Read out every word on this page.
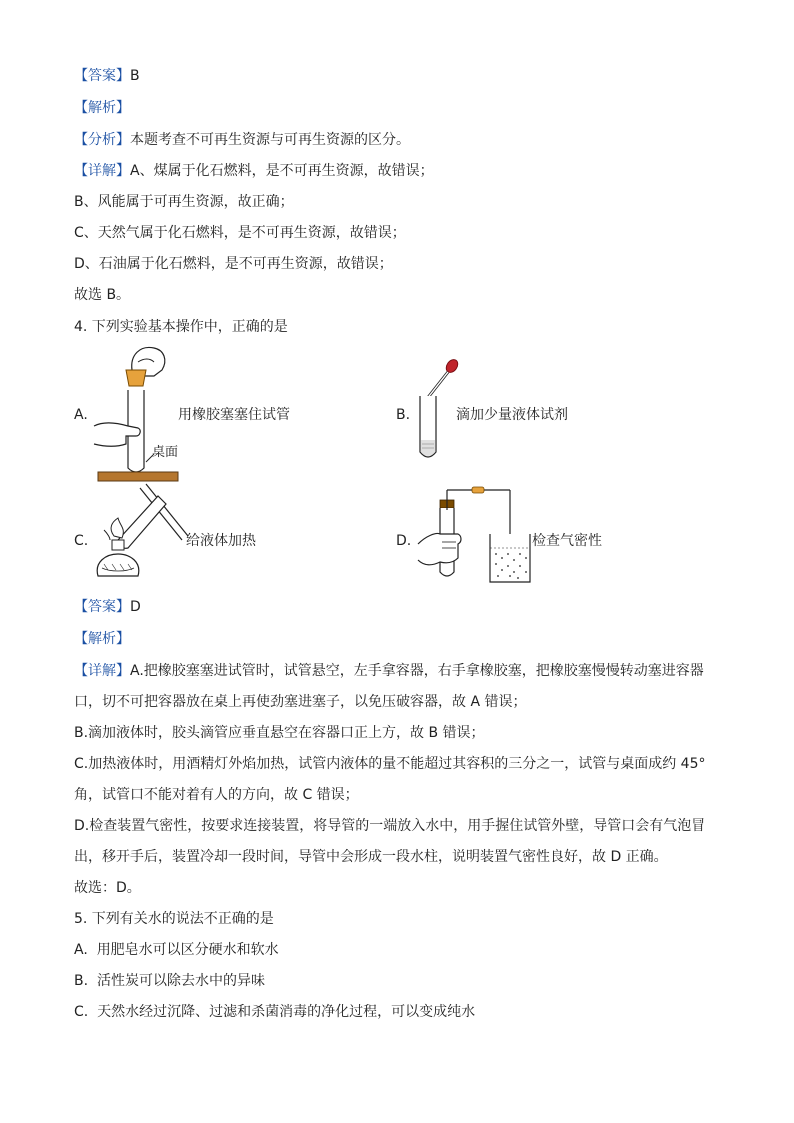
【答案】B
【解析】
【分析】本题考查不可再生资源与可再生资源的区分。
【详解】A、煤属于化石燃料，是不可再生资源，故错误；
B、风能属于可再生资源，故正确；
C、天然气属于化石燃料，是不可再生资源，故错误；
D、石油属于化石燃料，是不可再生资源，故错误；
故选 B。
4. 下列实验基本操作中，正确的是
A.
桌面
用橡胶塞塞住试管	B.	滴加少量液体试剂
C.	给液体加热	D.	检查气密性
【答案】D
【解析】
【详解】A.把橡胶塞塞进试管时，试管悬空，左手拿容器，右手拿橡胶塞，把橡胶塞慢慢转动塞进容器
口，切不可把容器放在桌上再使劲塞进塞子，以免压破容器，故 A 错误；
B.滴加液体时，胶头滴管应垂直悬空在容器口正上方，故 B 错误；
C.加热液体时，用酒精灯外焰加热，试管内液体的量不能超过其容积的三分之一，试管与桌面成约 45°
角，试管口不能对着有人的方向，故 C 错误；
D.检查装置气密性，按要求连接装置，将导管的一端放入水中，用手握住试管外壁，导管口会有气泡冒
出，移开手后，装置冷却一段时间，导管中会形成一段水柱，说明装置气密性良好，故 D 正确。
故选：D。
5. 下列有关水的说法不正确的是
A. 用肥皂水可以区分硬水和软水
B. 活性炭可以除去水中的异味
C. 天然水经过沉降、过滤和杀菌消毒的净化过程，可以变成纯水
